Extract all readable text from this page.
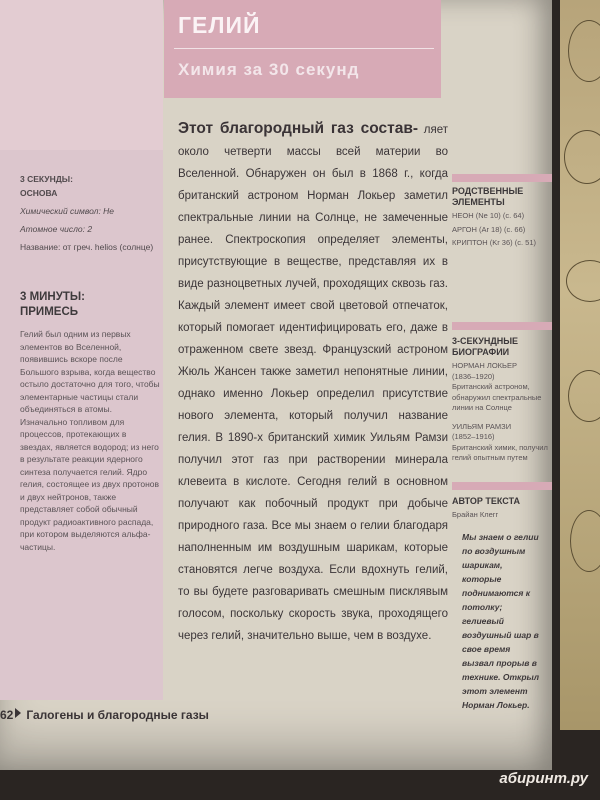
ГЕЛИЙ
Химия за 30 секунд
Этот благородный газ состав- ляет около четверти массы всей материи во Вселенной. Обнаружен он был в 1868 г., когда британский астроном Норман Локьер заметил спектральные линии на Солнце, не замеченные ранее. Спектроскопия определяет элементы, присутствующие в веществе, представляя их в виде разноцветных лучей, проходящих сквозь газ. Каждый элемент имеет свой цветовой отпечаток, который помогает идентифицировать его, даже в отраженном свете звезд. Французский астроном Жюль Жансен также заметил непонятные линии, однако именно Локьер определил присутствие нового элемента, который получил название гелия. В 1890-х британский химик Уильям Рамзи получил этот газ при растворении минерала клевеита в кислоте. Сегодня гелий в основном получают как побочный продукт при добыче природного газа. Все мы знаем о гелии благодаря наполненным им воздушным шарикам, которые становятся легче воздуха. Если вдохнуть гелий, то вы будете разговаривать смешным писклявым голосом, поскольку скорость звука, проходящего через гелий, значительно выше, чем в воздухе.

3 СЕКУНДЫ:
ОСНОВА

Химический символ: Не

Атомное число: 2

Название: от греч. helios (солнце)

3 МИНУТЫ:
ПРИМЕСЬ

Гелий был одним из первых элементов во Вселенной, появившись вскоре после Большого взрыва, когда вещество остыло достаточно для того, чтобы элементарные частицы стали объединяться в атомы. Изначально топливом для процессов, протекающих в звездах, является водород; из него в результате реакции ядерного синтеза получается гелий. Ядро гелия, состоящее из двух протонов и двух нейтронов, также представляет собой обычный продукт радиоактивного распада, при котором выделяются альфа-частицы.

РОДСТВЕННЫЕ ЭЛЕМЕНТЫ

НЕОН (Ne 10) (с. 64)

АРГОН (Ar 18) (с. 66)

КРИПТОН (Kr 36) (с. 51)

3-СЕКУНДНЫЕ БИОГРАФИИ

НОРМАН ЛОКЬЕР

(1836–1920)

Британский астроном, обнаружил спектральные линии на Солнце

УИЛЬЯМ РАМЗИ

(1852–1916)

Британский химик, получил гелий опытным путем

АВТОР ТЕКСТА

Брайан Клегг

Мы знаем о гелии по воздушным шарикам, которые поднимаются к потолку; гелиевый воздушный шар в свое время вызвал прорыв в технике. Открыл этот элемент Норман Локьер.
62 Галогены и благородные газы
абиринт.ру
